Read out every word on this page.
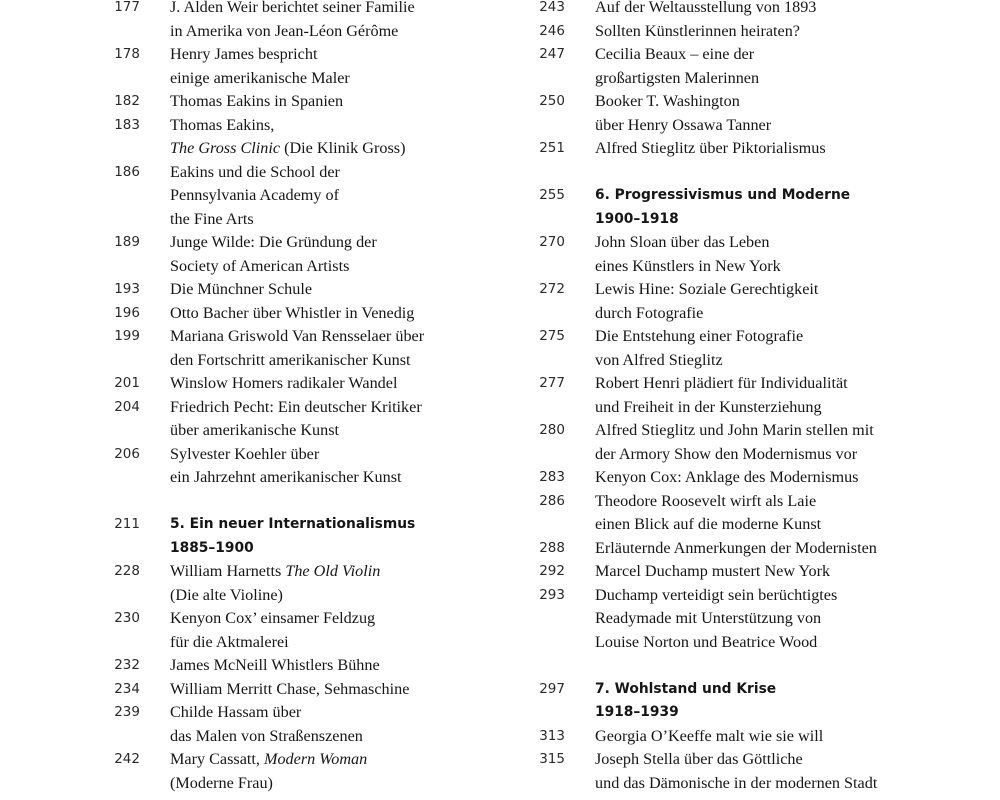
177 J. Alden Weir berichtet seiner Familie
in Amerika von Jean-Léon Gérôme
178 Henry James bespricht
einige amerikanische Maler
182 Thomas Eakins in Spanien
183 Thomas Eakins,
The Gross Clinic (Die Klinik Gross)
186 Eakins und die School der
Pennsylvania Academy of
the Fine Arts
189 Junge Wilde: Die Gründung der
Society of American Artists
193 Die Münchner Schule
196 Otto Bacher über Whistler in Venedig
199 Mariana Griswold Van Rensselaer über
den Fortschritt amerikanischer Kunst
201 Winslow Homers radikaler Wandel
204 Friedrich Pecht: Ein deutscher Kritiker
über amerikanische Kunst
206 Sylvester Koehler über
ein Jahrzehnt amerikanischer Kunst
211 5. Ein neuer Internationalismus
1885–1900
228 William Harnetts The Old Violin
(Die alte Violine)
230 Kenyon Cox’ einsamer Feldzug
für die Aktmalerei
232 James McNeill Whistlers Bühne
234 William Merritt Chase, Sehmaschine
239 Childe Hassam über
das Malen von Straßenszenen
242 Mary Cassatt, Modern Woman
(Moderne Frau)
243 Auf der Weltausstellung von 1893
246 Sollten Künstlerinnen heiraten?
247 Cecilia Beaux – eine der
großartigsten Malerinnen
250 Booker T. Washington
über Henry Ossawa Tanner
251 Alfred Stieglitz über Piktorialismus
255 6. Progressivismus und Moderne
1900–1918
270 John Sloan über das Leben
eines Künstlers in New York
272 Lewis Hine: Soziale Gerechtigkeit
durch Fotografie
275 Die Entstehung einer Fotografie
von Alfred Stieglitz
277 Robert Henri plädiert für Individualität
und Freiheit in der Kunsterziehung
280 Alfred Stieglitz und John Marin stellen mit
der Armory Show den Modernismus vor
283 Kenyon Cox: Anklage des Modernismus
286 Theodore Roosevelt wirft als Laie
einen Blick auf die moderne Kunst
288 Erläuternde Anmerkungen der Modernisten
292 Marcel Duchamp mustert New York
293 Duchamp verteidigt sein berüchtigtes
Readymade mit Unterstützung von
Louise Norton und Beatrice Wood
297 7. Wohlstand und Krise
1918–1939
313 Georgia O’Keeffe malt wie sie will
315 Joseph Stella über das Göttliche
und das Dämonische in der modernen Stadt
